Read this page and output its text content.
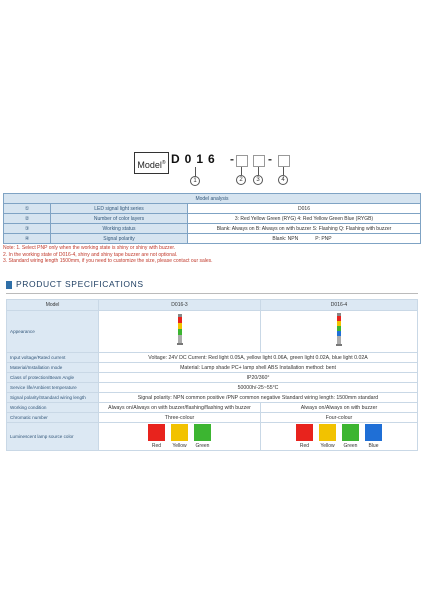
Model® D016 -	-
1	2	3	4
Model analysis			
①	LED signal light series	D016	
②	Number of color layers	3: Red Yellow Green (RYG) 4: Red Yellow Green Blue (RYGB)	
③	Working status	Blank: Always on B: Always on with buzzer S: Flashing Q: Flashing with buzzer	
④	Signal polarity	Blank: NPN	P: PNP
Note: 1. Select PNP only when the working state is shiny or shiny with buzzer.
2. In the working state of D016-4, shiny and shiny tape buzzer are not optional.
3. Standard wiring length 1500mm, if you need to customize the size, please contact our sales.
PRODUCT SPECIFICATIONS
Model	D016-3	D016-4
Appearance	

Input voltage/Rated current	Voltage: 24V DC Current: Red light 0.05A, yellow light 0.06A, green light 0.02A, blue light 0.02A	
Material/Installation mode	Material: Lamp shade PC+ lamp shell ABS Installation method: bent	
Class of protection/Beam Angle	IP20/360°	
Service life/Ambient temperature	50000h/-25~55°C	
Signal polarity/Standard wiring length	Signal polarity: NPN common positive /PNP common negative Standard wiring length: 1500mm standard	
Working condition	Always on/Always on with buzzer/flashing/flashing with buzzer	Always on/Always on with buzzer
Chromatic number	Three-colour	Four-colour
Luminescent lamp source color	Red Yellow Green	Red Yellow Green Blue
